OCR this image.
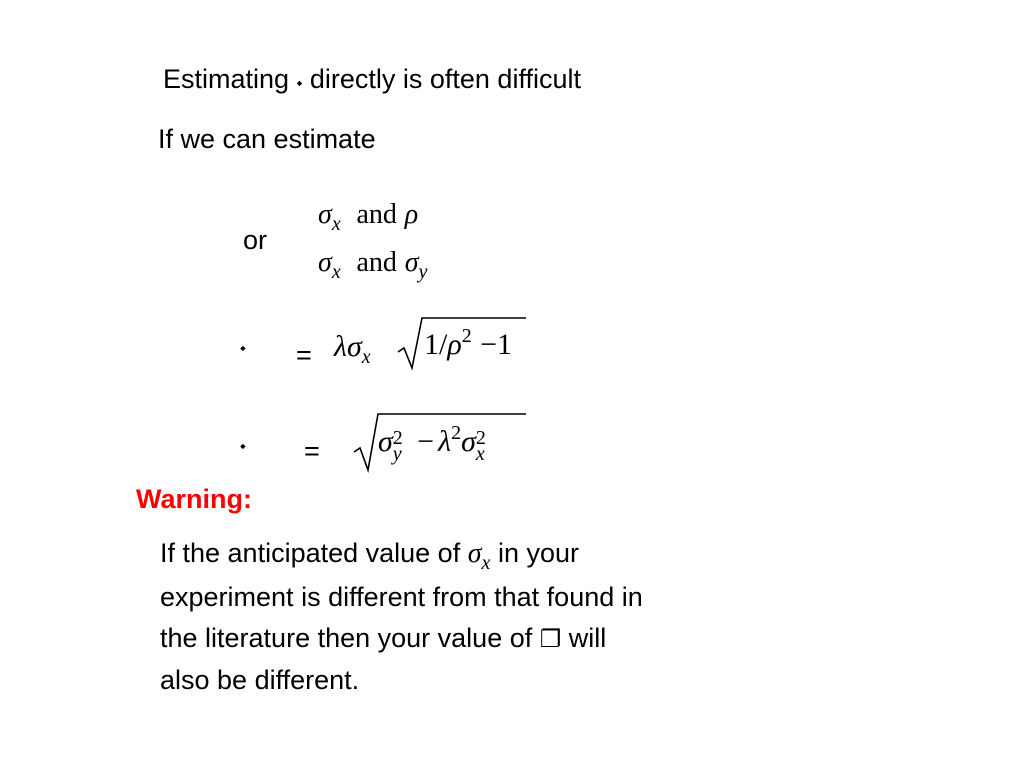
Estimating ⬩ directly is often difficult
If we can estimate
$\sigma_x$ and ρ
or
$\sigma_x$ and $\sigma_y$
⬩ = $\lambda\sigma_x$ $1/\rho^2 -1$
⬩ = σ 2
$y - \lambda^2\sigma$ 2
x
Warning:
If the anticipated value of $\sigma_x$ in your
experiment is different from that found in
the literature then your value of ❐ will
also be different.
